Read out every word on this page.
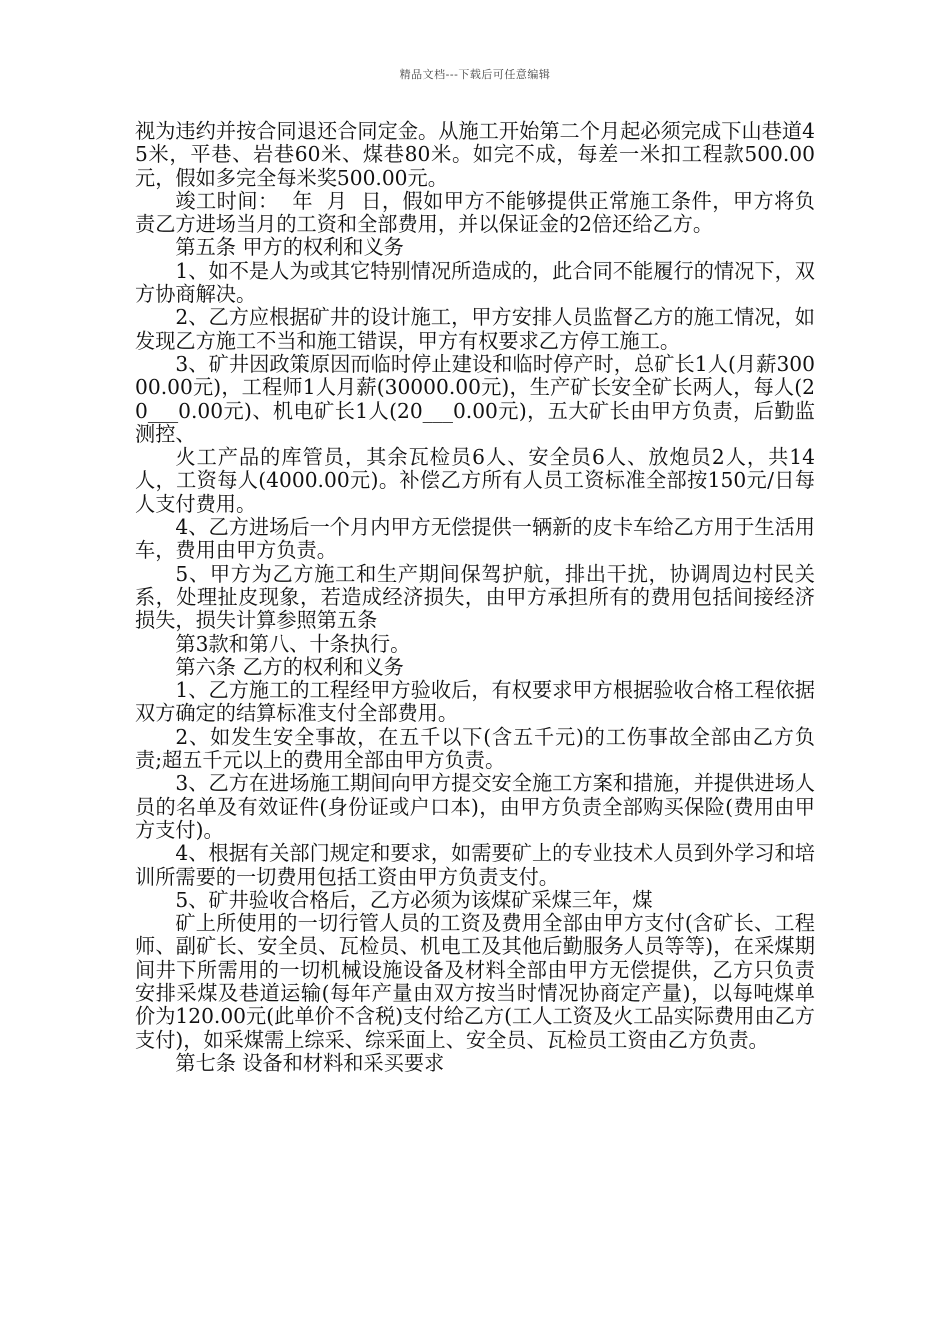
精品文档---下载后可任意编辑

视为违约并按合同退还合同定金。从施工开始第二个月起必须完成下山巷道45米，平巷、岩巷60米、煤巷80米。如完不成，每差一米扣工程款500.00元，假如多完全每米奖500.00元。

竣工时间：  年  月  日，假如甲方不能够提供正常施工条件，甲方将负责乙方进场当月的工资和全部费用，并以保证金的2倍还给乙方。

第五条 甲方的权利和义务

1、如不是人为或其它特别情况所造成的，此合同不能履行的情况下，双方协商解决。

2、乙方应根据矿井的设计施工，甲方安排人员监督乙方的施工情况，如发现乙方施工不当和施工错误，甲方有权要求乙方停工施工。

3、矿井因政策原因而临时停止建设和临时停产时，总矿长1人(月薪30000.00元)，工程师1人月薪(30000.00元)，生产矿长安全矿长两人，每人(20___0.00元)、机电矿长1人(20___0.00元)，五大矿长由甲方负责，后勤监测控、

火工产品的库管员，其余瓦检员6人、安全员6人、放炮员2人，共14人，工资每人(4000.00元)。补偿乙方所有人员工资标准全部按150元/日每人支付费用。

4、乙方进场后一个月内甲方无偿提供一辆新的皮卡车给乙方用于生活用车，费用由甲方负责。

5、甲方为乙方施工和生产期间保驾护航，排出干扰，协调周边村民关系，处理扯皮现象，若造成经济损失，由甲方承担所有的费用包括间接经济损失，损失计算参照第五条

第3款和第八、十条执行。

第六条 乙方的权利和义务

1、乙方施工的工程经甲方验收后，有权要求甲方根据验收合格工程依据双方确定的结算标准支付全部费用。

2、如发生安全事故，在五千以下(含五千元)的工伤事故全部由乙方负责;超五千元以上的费用全部由甲方负责。

3、乙方在进场施工期间向甲方提交安全施工方案和措施，并提供进场人员的名单及有效证件(身份证或户口本)，由甲方负责全部购买保险(费用由甲方支付)。

4、根据有关部门规定和要求，如需要矿上的专业技术人员到外学习和培训所需要的一切费用包括工资由甲方负责支付。

5、矿井验收合格后，乙方必须为该煤矿采煤三年，煤

矿上所使用的一切行管人员的工资及费用全部由甲方支付(含矿长、工程师、副矿长、安全员、瓦检员、机电工及其他后勤服务人员等等)，在采煤期间井下所需用的一切机械设施设备及材料全部由甲方无偿提供，乙方只负责安排采煤及巷道运输(每年产量由双方按当时情况协商定产量)，以每吨煤单价为120.00元(此单价不含税)支付给乙方(工人工资及火工品实际费用由乙方支付)，如采煤需上综采、综采面上、安全员、瓦检员工资由乙方负责。

第七条 设备和材料和采买要求
